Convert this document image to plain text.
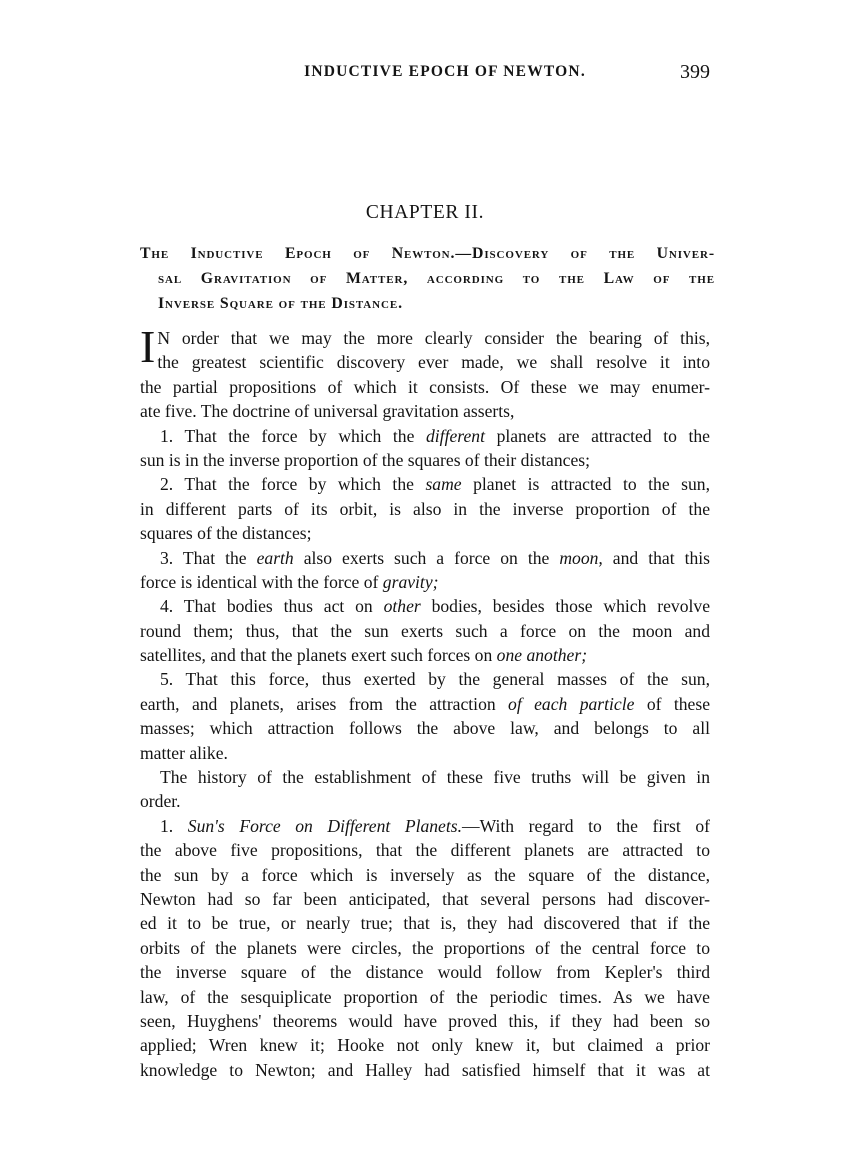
INDUCTIVE EPOCH OF NEWTON.	399
CHAPTER II.
The Inductive Epoch of Newton.—Discovery of the Univer-
sal Gravitation of Matter, according to the Law of the
Inverse Square of the Distance.
I N order that we may the more clearly consider the bearing of this,
the greatest scientific discovery ever made, we shall resolve it into
the partial propositions of which it consists. Of these we may enumer-
ate five. The doctrine of universal gravitation asserts,
1. That the force by which the different planets are attracted to the
sun is in the inverse proportion of the squares of their distances;
2. That the force by which the same planet is attracted to the sun,
in different parts of its orbit, is also in the inverse proportion of the
squares of the distances;
3. That the earth also exerts such a force on the moon, and that this
force is identical with the force of gravity;
4. That bodies thus act on other bodies, besides those which revolve
round them; thus, that the sun exerts such a force on the moon and
satellites, and that the planets exert such forces on one another;
5. That this force, thus exerted by the general masses of the sun,
earth, and planets, arises from the attraction of each particle of these
masses; which attraction follows the above law, and belongs to all
matter alike.
The history of the establishment of these five truths will be given in
order.
1. Sun's Force on Different Planets.—With regard to the first of
the above five propositions, that the different planets are attracted to
the sun by a force which is inversely as the square of the distance,
Newton had so far been anticipated, that several persons had discover-
ed it to be true, or nearly true; that is, they had discovered that if the
orbits of the planets were circles, the proportions of the central force to
the inverse square of the distance would follow from Kepler's third
law, of the sesquiplicate proportion of the periodic times. As we have
seen, Huyghens' theorems would have proved this, if they had been so
applied; Wren knew it; Hooke not only knew it, but claimed a prior
knowledge to Newton; and Halley had satisfied himself that it was at
